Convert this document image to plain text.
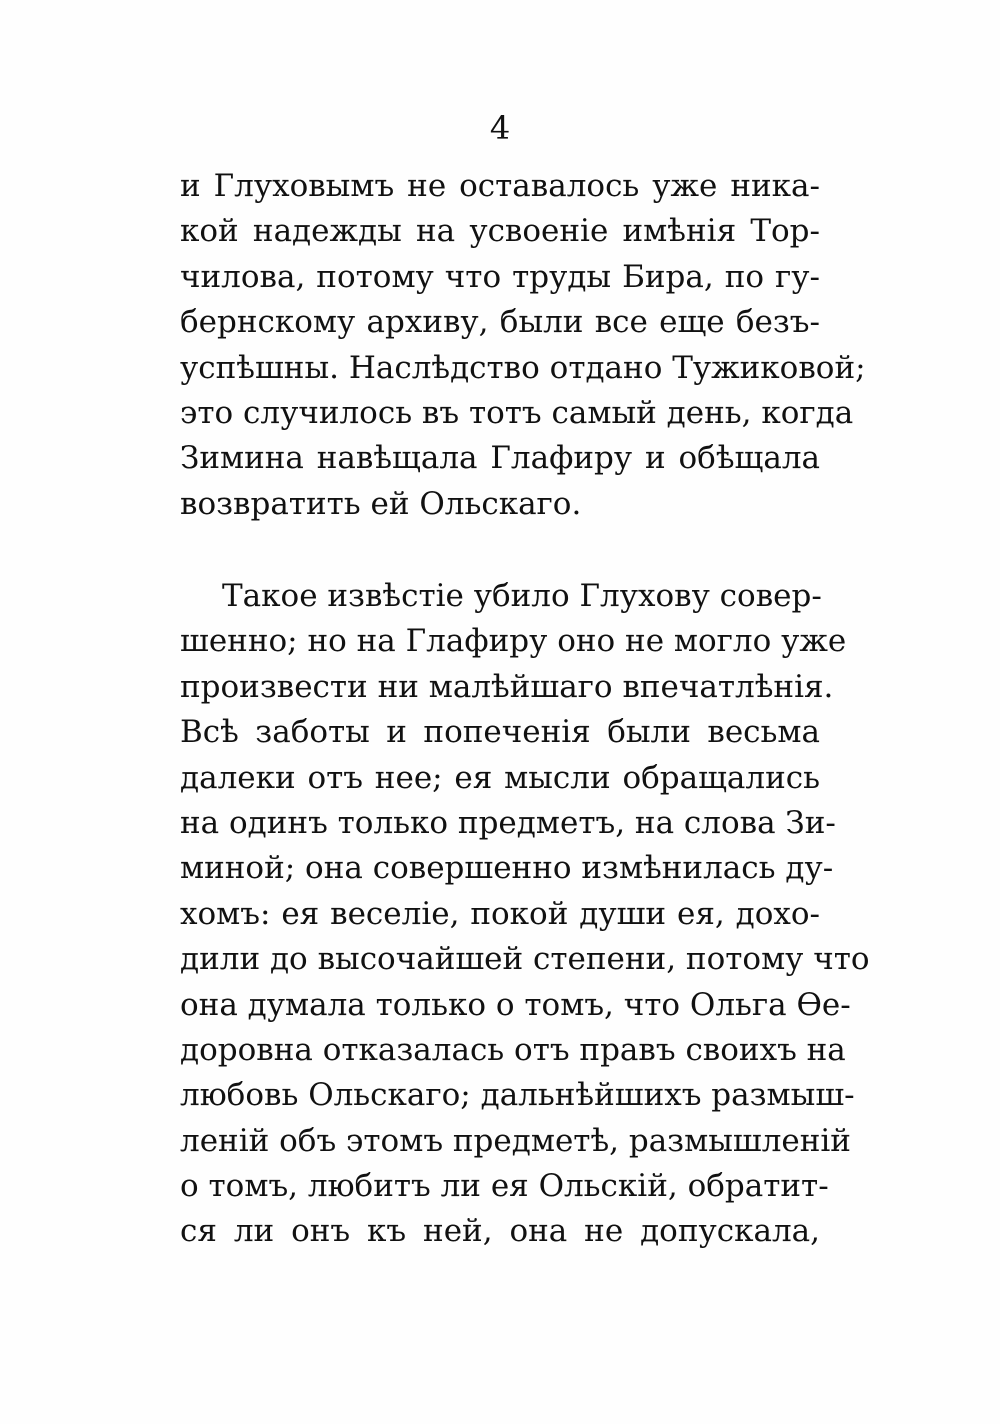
4
и Глуховымъ не оставалось уже ника-
кой надежды на усвоеніе имѣнія Тор-
чилова, потому что труды Бира, по гу-
бернскому архиву, были все еще безъ-
успѣшны. Наслѣдство отдано Тужиковой;
это случилось въ тотъ самый день, когда
Зимина навѣщала Глафиру и обѣщала
возвратить ей Ольскаго.
Такое извѣстіе убило Глухову совер-
шенно; но на Глафиру оно не могло уже
произвести ни малѣйшаго впечатлѣнія.
Всѣ заботы и попеченія были весьма
далеки отъ нее; ея мысли обращались
на одинъ только предметъ, на слова Зи-
миной; она совершенно измѣнилась ду-
хомъ: ея веселіе, покой души ея, дохо-
дили до высочайшей степени, потому что
она думала только о томъ, что Ольга Ѳе-
доровна отказалась отъ правъ своихъ на
любовь Ольскаго; дальнѣйшихъ размыш-
леній объ этомъ предметѣ, размышленій
о томъ, любитъ ли ея Ольскій, обратит-
ся ли онъ къ ней, она не допускала,
